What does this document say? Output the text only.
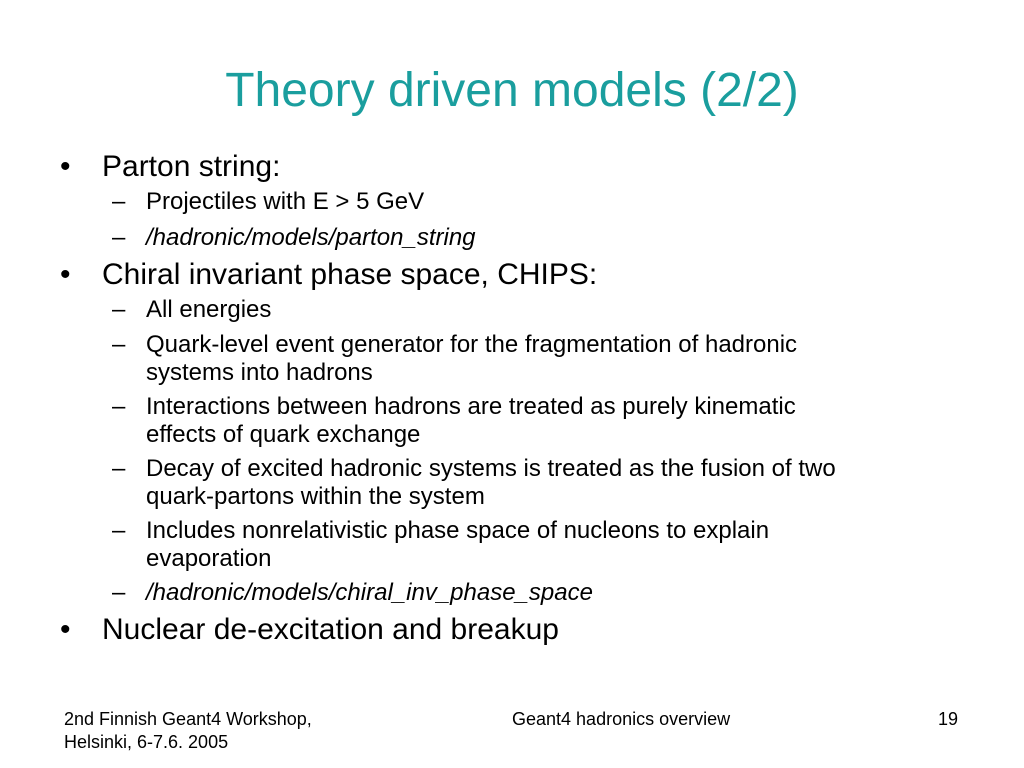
Theory driven models (2/2)
• Parton string:
– Projectiles with E > 5 GeV
– /hadronic/models/parton_string
• Chiral invariant phase space, CHIPS:
– All energies
– Quark-level event generator for the fragmentation of hadronic
systems into hadrons
– Interactions between hadrons are treated as purely kinematic
effects of quark exchange
– Decay of excited hadronic systems is treated as the fusion of two
quark-partons within the system
– Includes nonrelativistic phase space of nucleons to explain
evaporation
– /hadronic/models/chiral_inv_phase_space
• Nuclear de-excitation and breakup
2nd Finnish Geant4 Workshop,
Helsinki, 6-7.6. 2005
Geant4 hadronics overview	19
